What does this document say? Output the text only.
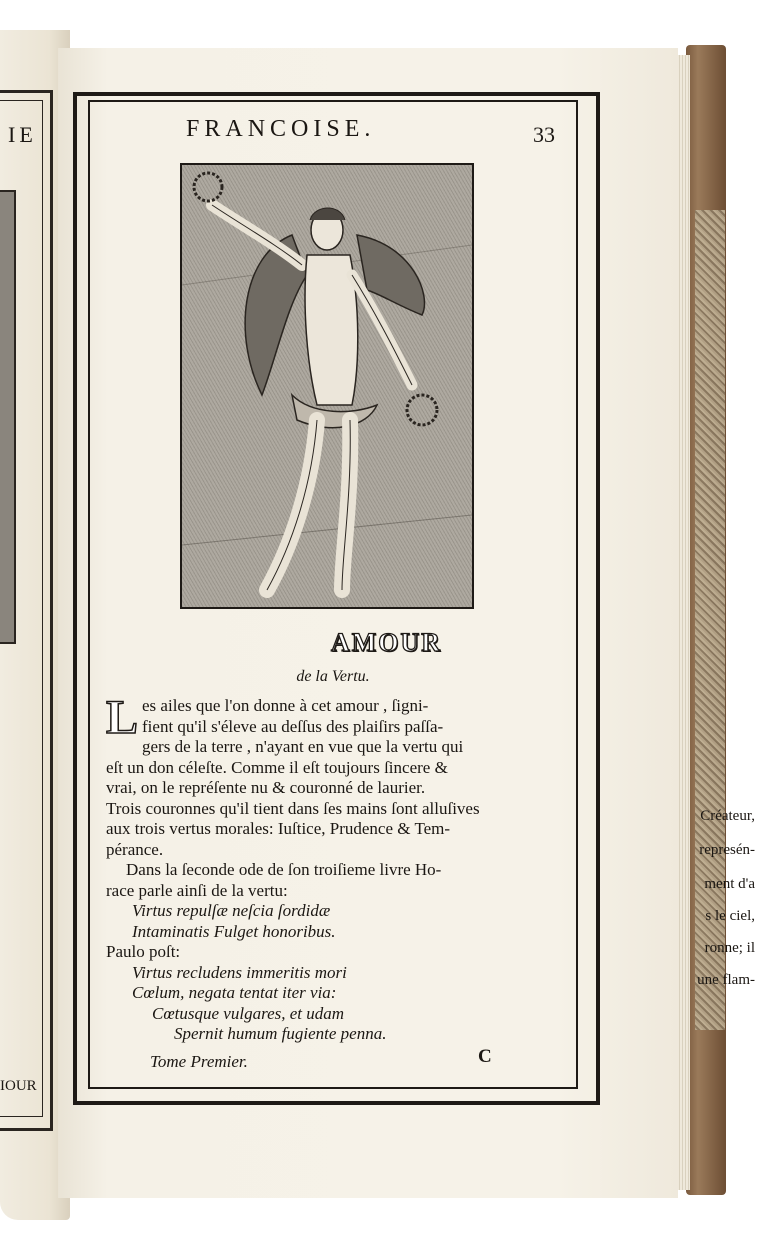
IE
Créateur,
represén-
ment d'a
s le ciel,
ronne; il
une flam-
IOUR
FRANCOISE.	33
AMOUR
de la Vertu.

L es ailes que l'on donne à cet amour , ſigni-
fient qu'il s'éleve au deſſus des plaiſirs paſſa-
gers de la terre , n'ayant en vue que la vertu qui
eſt un don céleſte. Comme il eſt toujours ſincere &
vrai, on le repréſente nu & couronné de laurier.
Trois couronnes qu'il tient dans ſes mains ſont alluſives
aux trois vertus morales: Iuſtice, Prudence & Tem-
pérance.

Dans la ſeconde ode de ſon troiſieme livre Ho-
race parle ainſi de la vertu:
Virtus repulſæ neſcia ſordidæ
Intaminatis Fulget honoribus.
Paulo poſt:
Virtus recludens immeritis mori
Cœlum, negata tentat iter via:
Cœtusque vulgares, et udam
Spernit humum fugiente penna.

Tome Premier.	C
